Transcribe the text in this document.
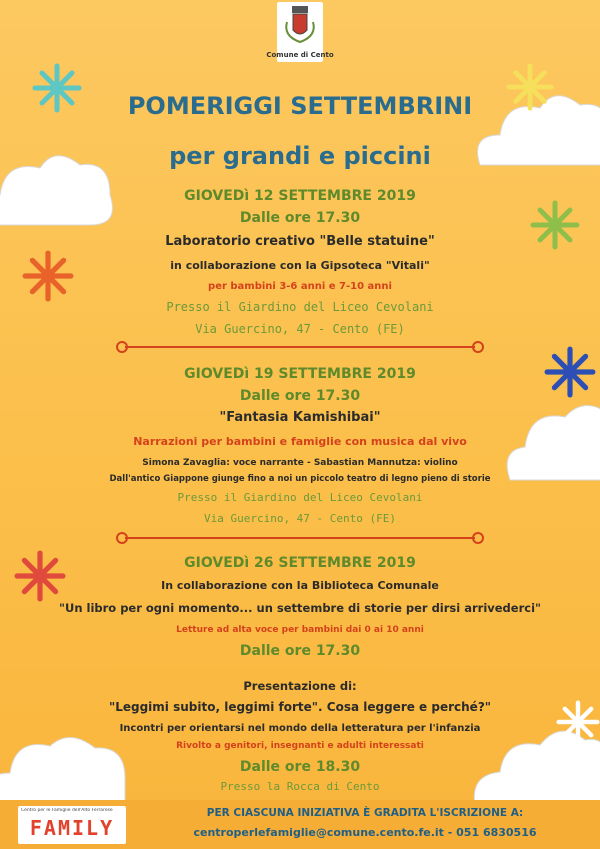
Comune di Cento
POMERIGGI SETTEMBRINI
per grandi e piccini
GIOVEDì 12 SETTEMBRE 2019
Dalle ore 17.30
Laboratorio creativo "Belle statuine"
in collaborazione con la Gipsoteca "Vitali"
per bambini 3-6 anni e 7-10 anni
Presso il Giardino del Liceo Cevolani
Via Guercino, 47 - Cento (FE)
GIOVEDì 19 SETTEMBRE 2019
Dalle ore 17.30
"Fantasia Kamishibai"
Narrazioni per bambini e famiglie con musica dal vivo
Simona Zavaglia: voce narrante - Sabastian Mannutza: violino
Dall'antico Giappone giunge fino a noi un piccolo teatro di legno pieno di storie
Presso il Giardino del Liceo Cevolani
Via Guercino, 47 - Cento (FE)
GIOVEDì 26 SETTEMBRE 2019
In collaborazione con la Biblioteca Comunale
"Un libro per ogni momento... un settembre di storie per dirsi arrivederci"
Letture ad alta voce per bambini dai 0 ai 10 anni
Dalle ore 17.30
Presentazione di:
"Leggimi subito, leggimi forte". Cosa leggere e perché?"
Incontri per orientarsi nel mondo della letteratura per l'infanzia
Rivolto a genitori, insegnanti e adulti interessati
Dalle ore 18.30
Presso la Rocca di Cento
Centro per le Famiglie dell'Alto Ferrarese
FAMILY
PER CIASCUNA INIZIATIVA È GRADITA L'ISCRIZIONE A:
centroperlefamiglie@comune.cento.fe.it - 051 6830516
